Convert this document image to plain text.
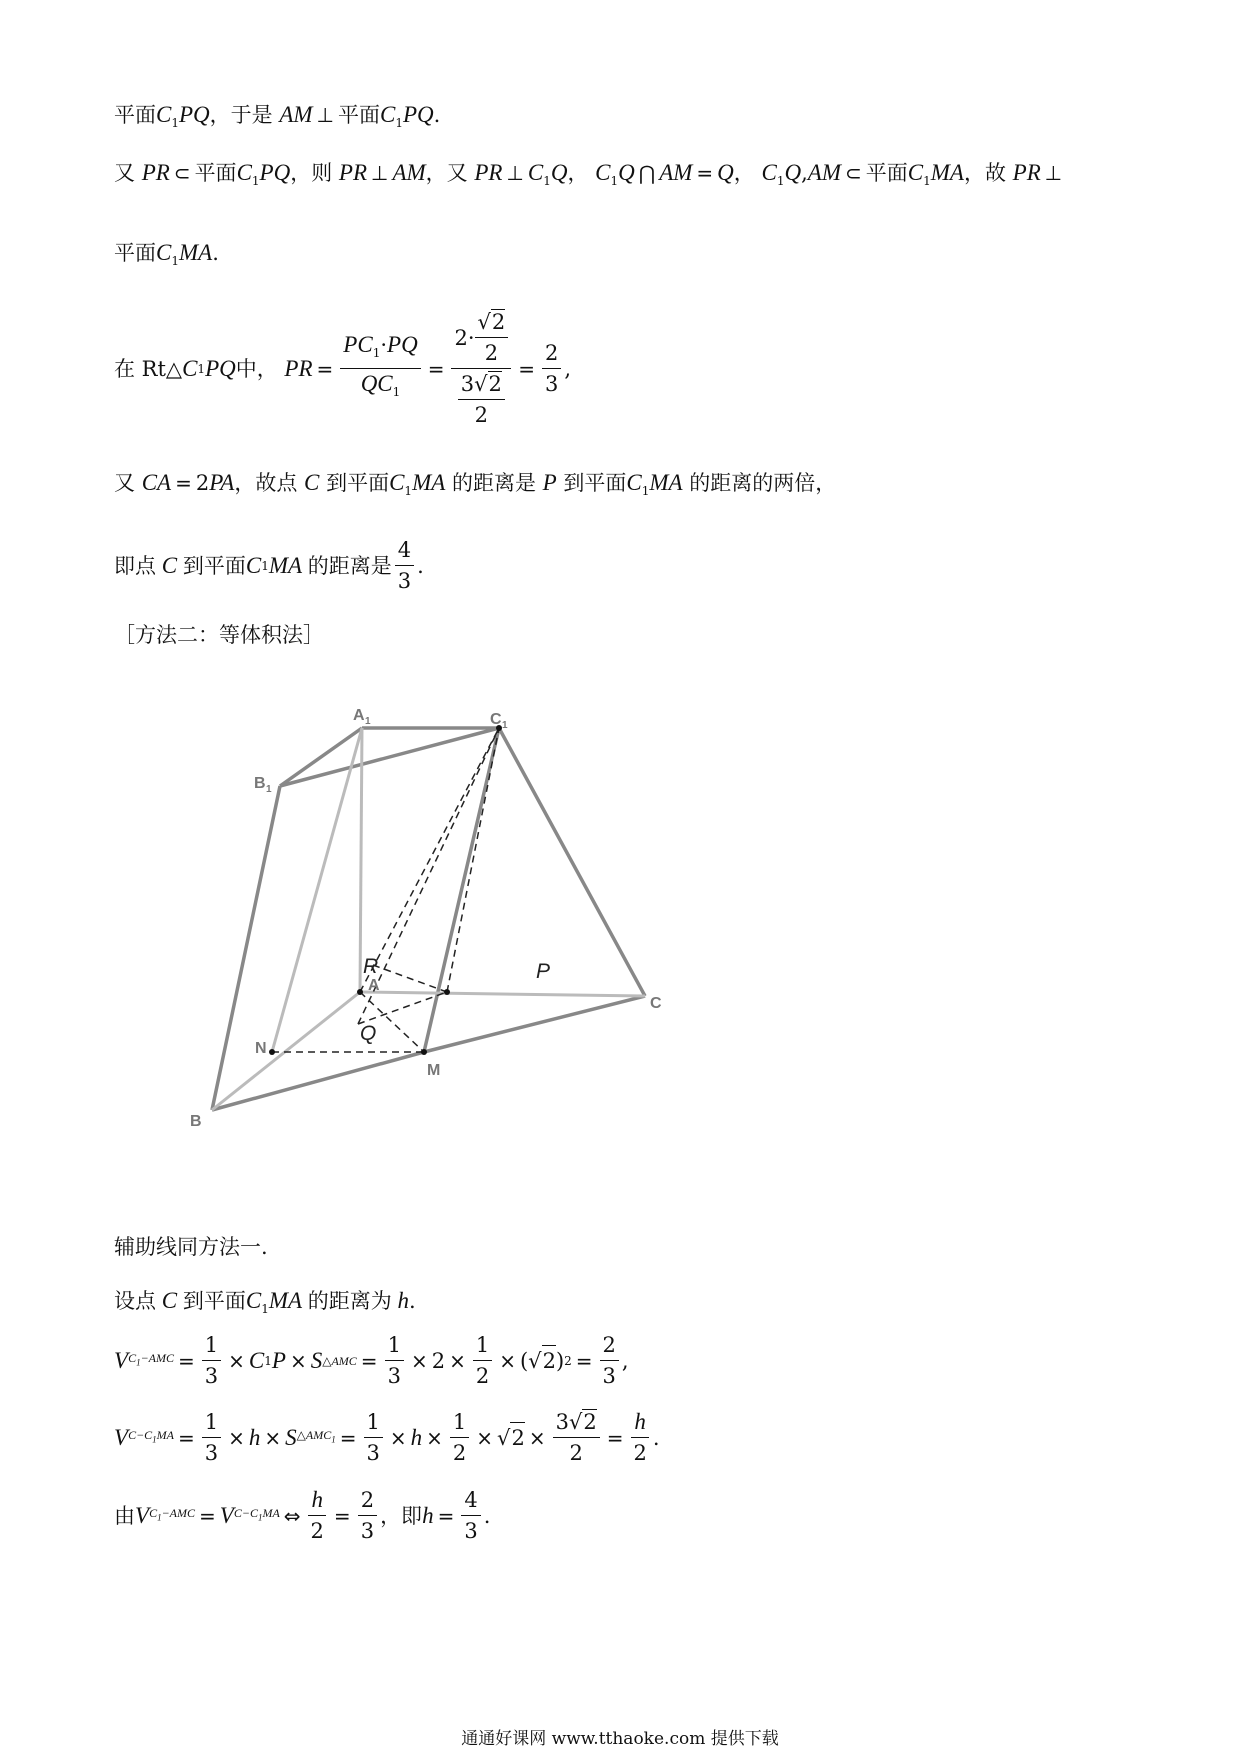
平面$C_1PQ$，于是 AM ⊥ 平面$C_1PQ$.
又 PR ⊂ 平面$C_1PQ$，则 PR ⊥ AM，又 PR ⊥ $C_1Q$， $C_1Q$ ⋂ AM = Q， $C_1Q,AM$ ⊂ 平面$C_1MA$，故 PR ⊥
平面$C_1MA$.
在 Rt△ C 1 PQ 中，
PR = $\frac{PC_1\cdot PQ}{QC_1} = \frac{2\cdot \frac{√2}{2}}{\frac{3√2}{2}} = \frac{2}{3}$ ,
又 CA = 2PA，故点 C 到平面$C_1MA$ 的距离是 P 到平面$C_1MA$ 的距离的两倍，
即点 C 到平面 C 1 MA 的距离是 $\frac{4}{3}$ .
［方法二：等体积法］
A 1	C 1
B 1
A
B
C
M
N
P
Q
R
辅助线同方法一.
设点 C 到平面$C_1MA$ 的距离为 h.
V $C_1-AMC = \frac{1}{3} \times C$ 1 P × S △AMC = $\frac{1}{3} \times 2 \times \frac{1}{2}$ × (√ 2 ) $2 = \frac{2}{3}$ ,
V $C-C_1MA = \frac{1}{3} \times h \times S$ $\triangle AMC_1 = \frac{1}{3} \times h \times \frac{1}{2}$ × √ $2 \times \frac{3√2}{2} = \frac{h}{2}$ .
由 V $C_1-AMC = V$ $C-C_1MA$ ⇔ $\frac{h}{2} = \frac{2}{3}$ ，即 $h = \frac{4}{3}$ .
通通好课网 www.tthaoke.com 提供下载
